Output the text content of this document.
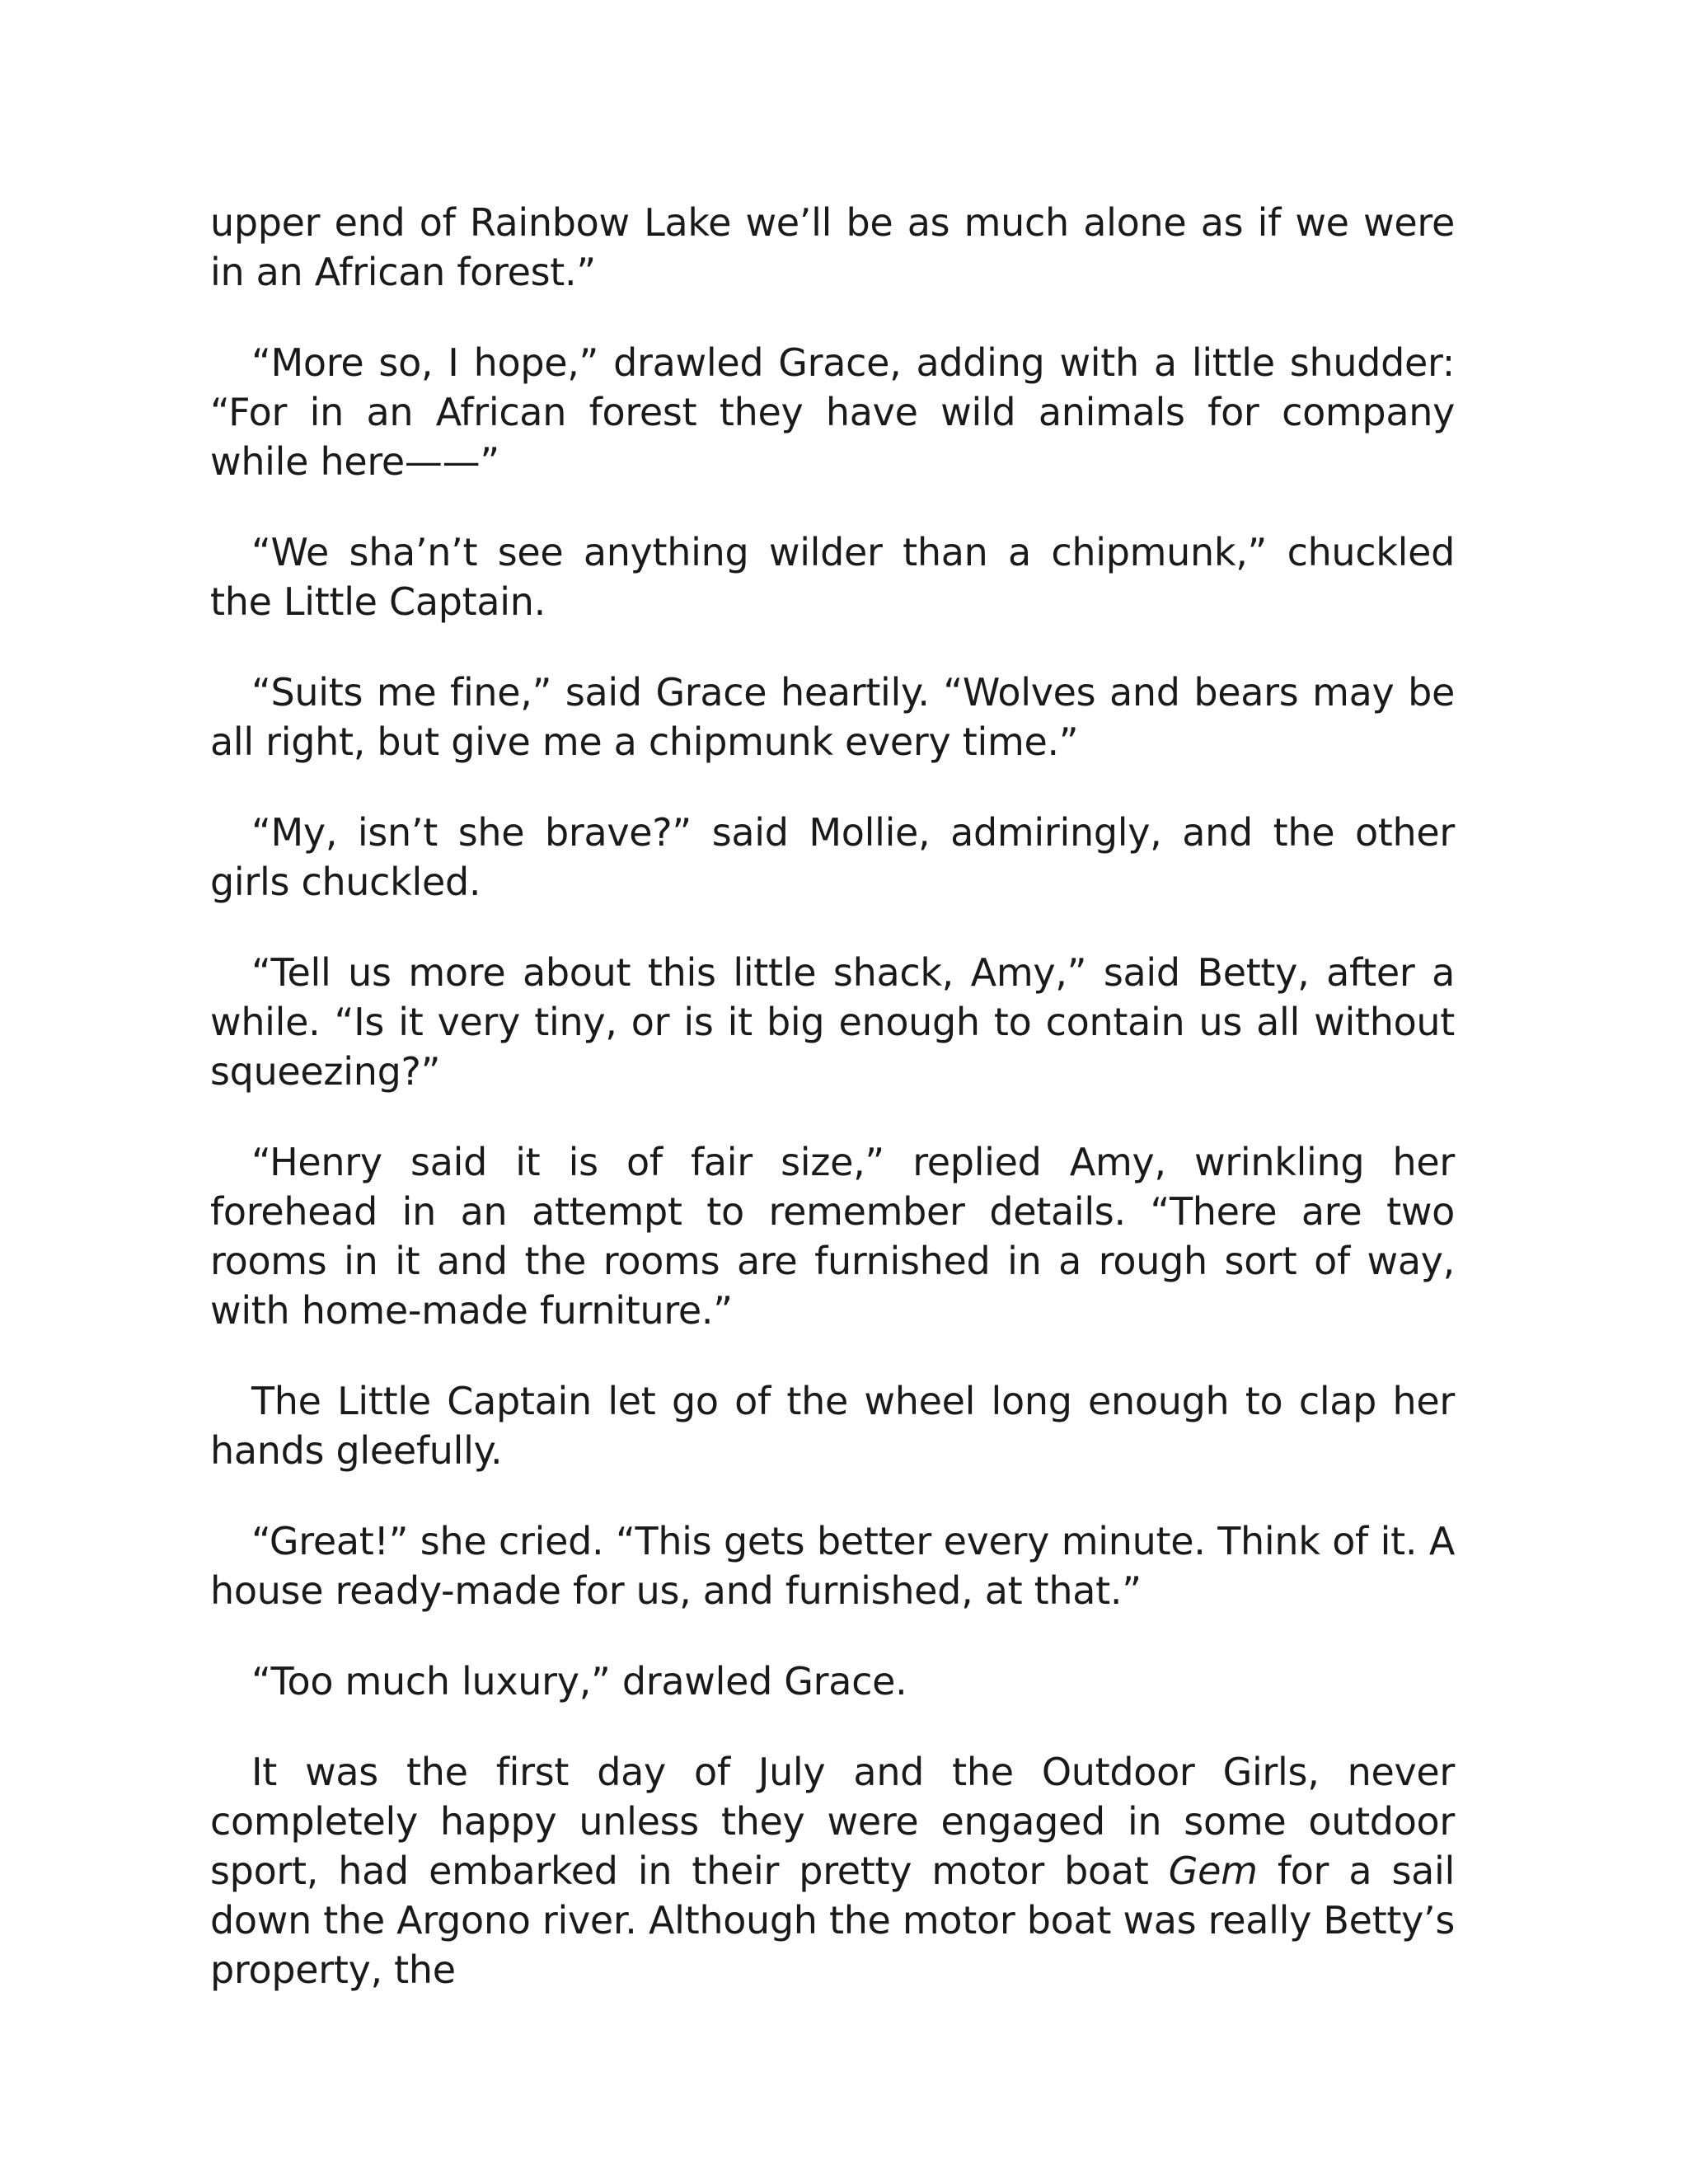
upper end of Rainbow Lake we’ll be as much alone as if we were in an African forest.”

“More so, I hope,” drawled Grace, adding with a little shudder: “For in an African forest they have wild animals for company while here——”

“We sha’n’t see anything wilder than a chipmunk,” chuckled the Little Captain.

“Suits me fine,” said Grace heartily. “Wolves and bears may be all right, but give me a chipmunk every time.”

“My, isn’t she brave?” said Mollie, admiringly, and the other girls chuckled.

“Tell us more about this little shack, Amy,” said Betty, after a while. “Is it very tiny, or is it big enough to contain us all without squeezing?”

“Henry said it is of fair size,” replied Amy, wrinkling her forehead in an attempt to remember details. “There are two rooms in it and the rooms are furnished in a rough sort of way, with home-made furniture.”

The Little Captain let go of the wheel long enough to clap her hands gleefully.

“Great!” she cried. “This gets better every minute. Think of it. A house ready-made for us, and furnished, at that.”

“Too much luxury,” drawled Grace.

It was the first day of July and the Outdoor Girls, never completely happy unless they were engaged in some outdoor sport, had embarked in their pretty motor boat Gem for a sail down the Argono river. Although the motor boat was really Betty’s property, the
